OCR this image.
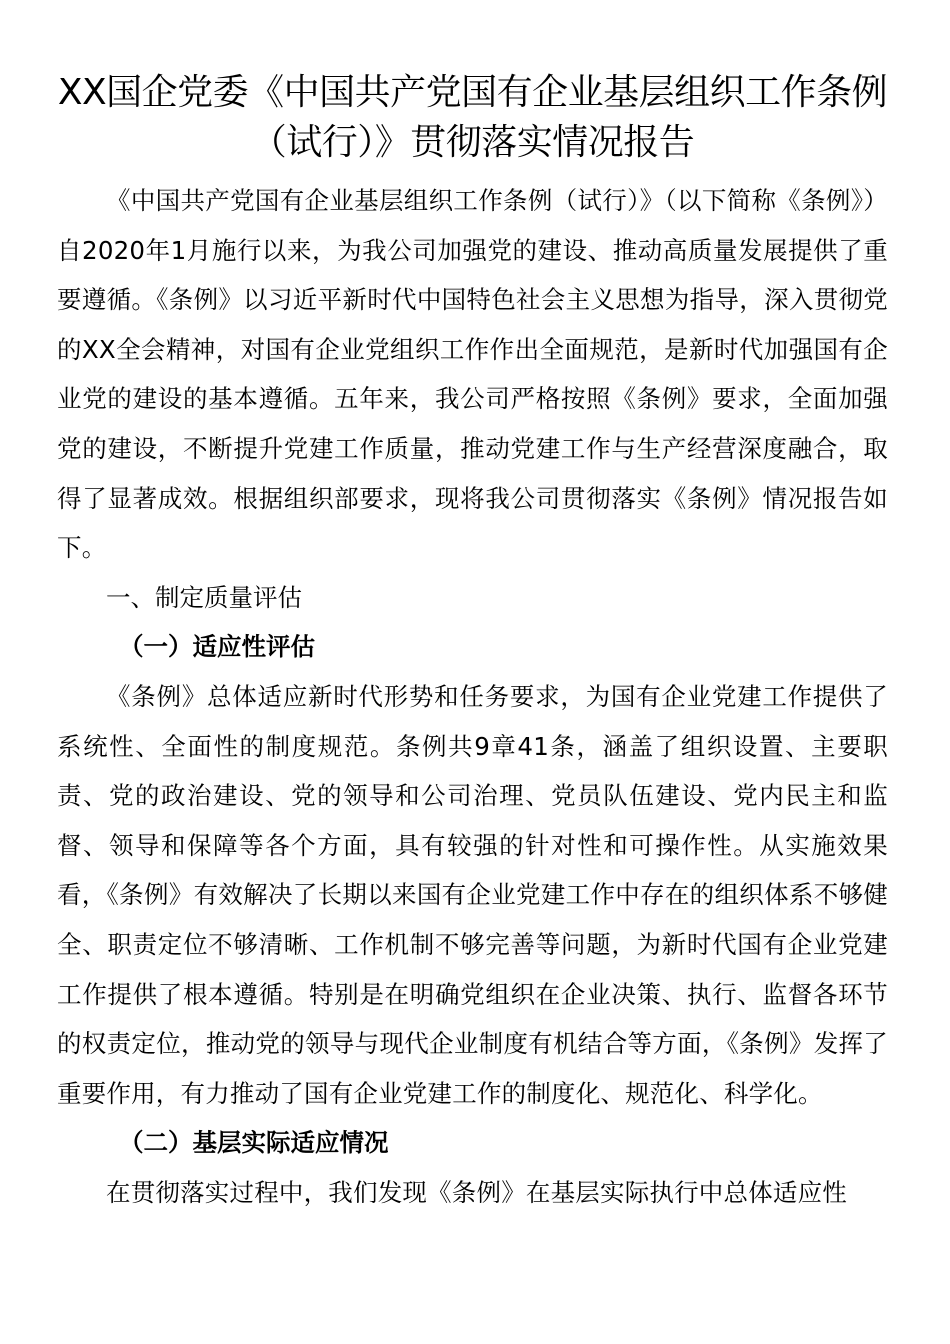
XX国企党委《中国共产党国有企业基层组织工作条例
（试行）》贯彻落实情况报告

《中国共产党国有企业基层组织工作条例（试行）》（以下简称《条例》）自2020年1月施行以来，为我公司加强党的建设、推动高质量发展提供了重要遵循。《条例》以习近平新时代中国特色社会主义思想为指导，深入贯彻党的XX全会精神，对国有企业党组织工作作出全面规范，是新时代加强国有企业党的建设的基本遵循。五年来，我公司严格按照《条例》要求，全面加强党的建设，不断提升党建工作质量，推动党建工作与生产经营深度融合，取得了显著成效。根据组织部要求，现将我公司贯彻落实《条例》情况报告如下。

一、制定质量评估

（一）适应性评估

《条例》总体适应新时代形势和任务要求，为国有企业党建工作提供了系统性、全面性的制度规范。条例共9章41条，涵盖了组织设置、主要职责、党的政治建设、党的领导和公司治理、党员队伍建设、党内民主和监督、领导和保障等各个方面，具有较强的针对性和可操作性。从实施效果看，《条例》有效解决了长期以来国有企业党建工作中存在的组织体系不够健全、职责定位不够清晰、工作机制不够完善等问题，为新时代国有企业党建工作提供了根本遵循。特别是在明确党组织在企业决策、执行、监督各环节的权责定位，推动党的领导与现代企业制度有机结合等方面，《条例》发挥了重要作用，有力推动了国有企业党建工作的制度化、规范化、科学化。

（二）基层实际适应情况

在贯彻落实过程中，我们发现《条例》在基层实际执行中总体适应性
